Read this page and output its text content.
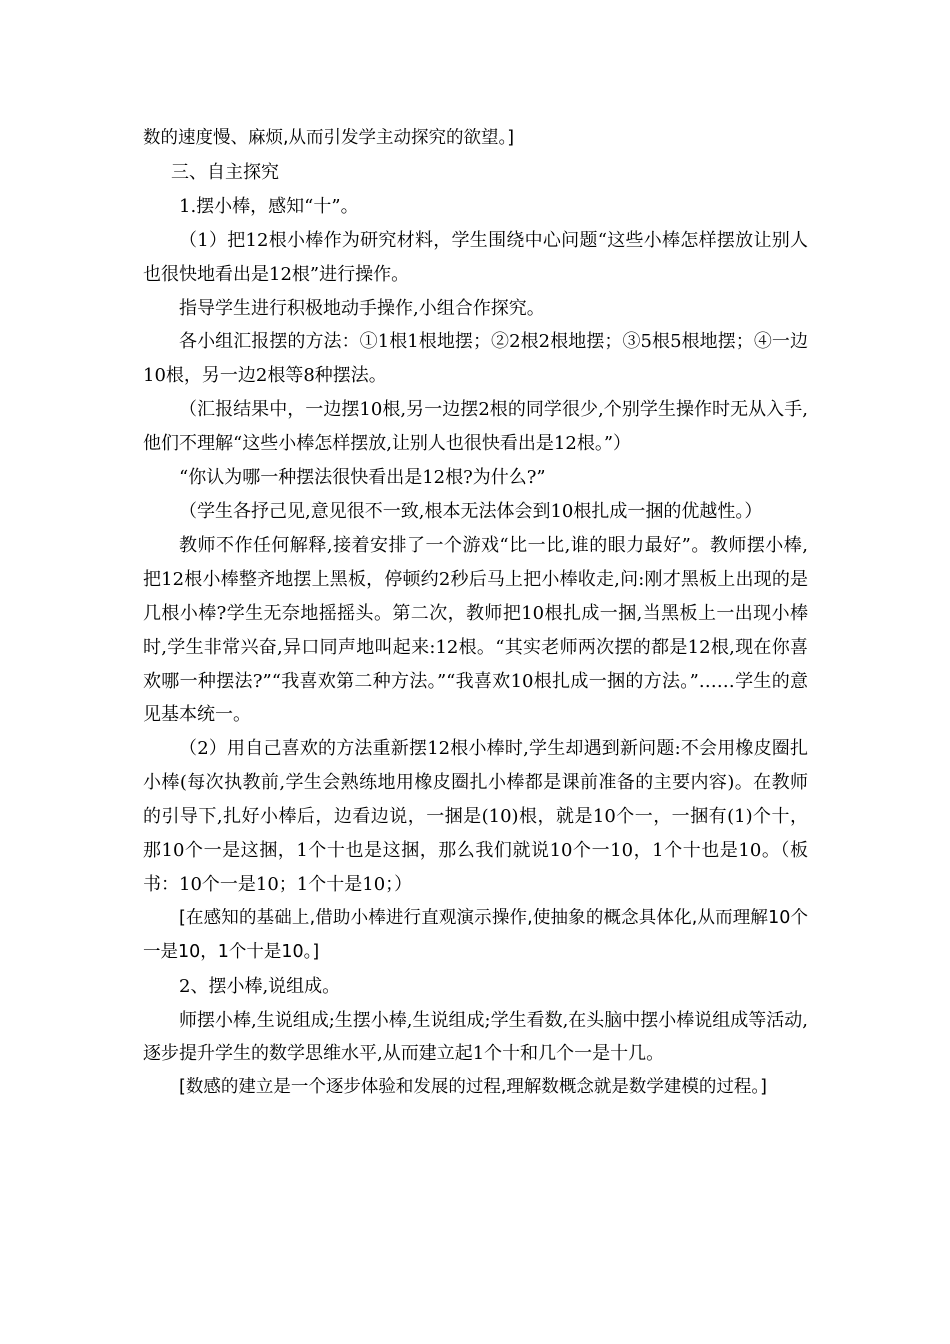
数的速度慢、麻烦,从而引发学主动探究的欲望。]

三、自主探究

1.摆小棒，感知“十”。

（1）把12根小棒作为研究材料，学生围绕中心问题“这些小棒怎样摆放让别人也很快地看出是12根”进行操作。

指导学生进行积极地动手操作,小组合作探究。

各小组汇报摆的方法：①1根1根地摆；②2根2根地摆；③5根5根地摆；④一边10根，另一边2根等8种摆法。

（汇报结果中，一边摆10根,另一边摆2根的同学很少,个别学生操作时无从入手,他们不理解“这些小棒怎样摆放,让别人也很快看出是12根。”）

“你认为哪一种摆法很快看出是12根?为什么?”

（学生各抒己见,意见很不一致,根本无法体会到10根扎成一捆的优越性。）

教师不作任何解释,接着安排了一个游戏“比一比,谁的眼力最好”。教师摆小棒,把12根小棒整齐地摆上黑板，停顿约2秒后马上把小棒收走,问:刚才黑板上出现的是几根小棒?学生无奈地摇摇头。第二次，教师把10根扎成一捆,当黑板上一出现小棒时,学生非常兴奋,异口同声地叫起来:12根。“其实老师两次摆的都是12根,现在你喜欢哪一种摆法?”“我喜欢第二种方法。”“我喜欢10根扎成一捆的方法。”……学生的意见基本统一。

（2）用自己喜欢的方法重新摆12根小棒时,学生却遇到新问题:不会用橡皮圈扎小棒(每次执教前,学生会熟练地用橡皮圈扎小棒都是课前准备的主要内容)。在教师的引导下,扎好小棒后，边看边说，一捆是(10)根，就是10个一，一捆有(1)个十，那10个一是这捆，1个十也是这捆，那么我们就说10个一10，1个十也是10。（板书：10个一是10；1个十是10；）

[在感知的基础上,借助小棒进行直观演示操作,使抽象的概念具体化,从而理解10个一是10，1个十是10。]

2、摆小棒,说组成。

师摆小棒,生说组成;生摆小棒,生说组成;学生看数,在头脑中摆小棒说组成等活动,逐步提升学生的数学思维水平,从而建立起1个十和几个一是十几。

[数感的建立是一个逐步体验和发展的过程,理解数概念就是数学建模的过程。]
